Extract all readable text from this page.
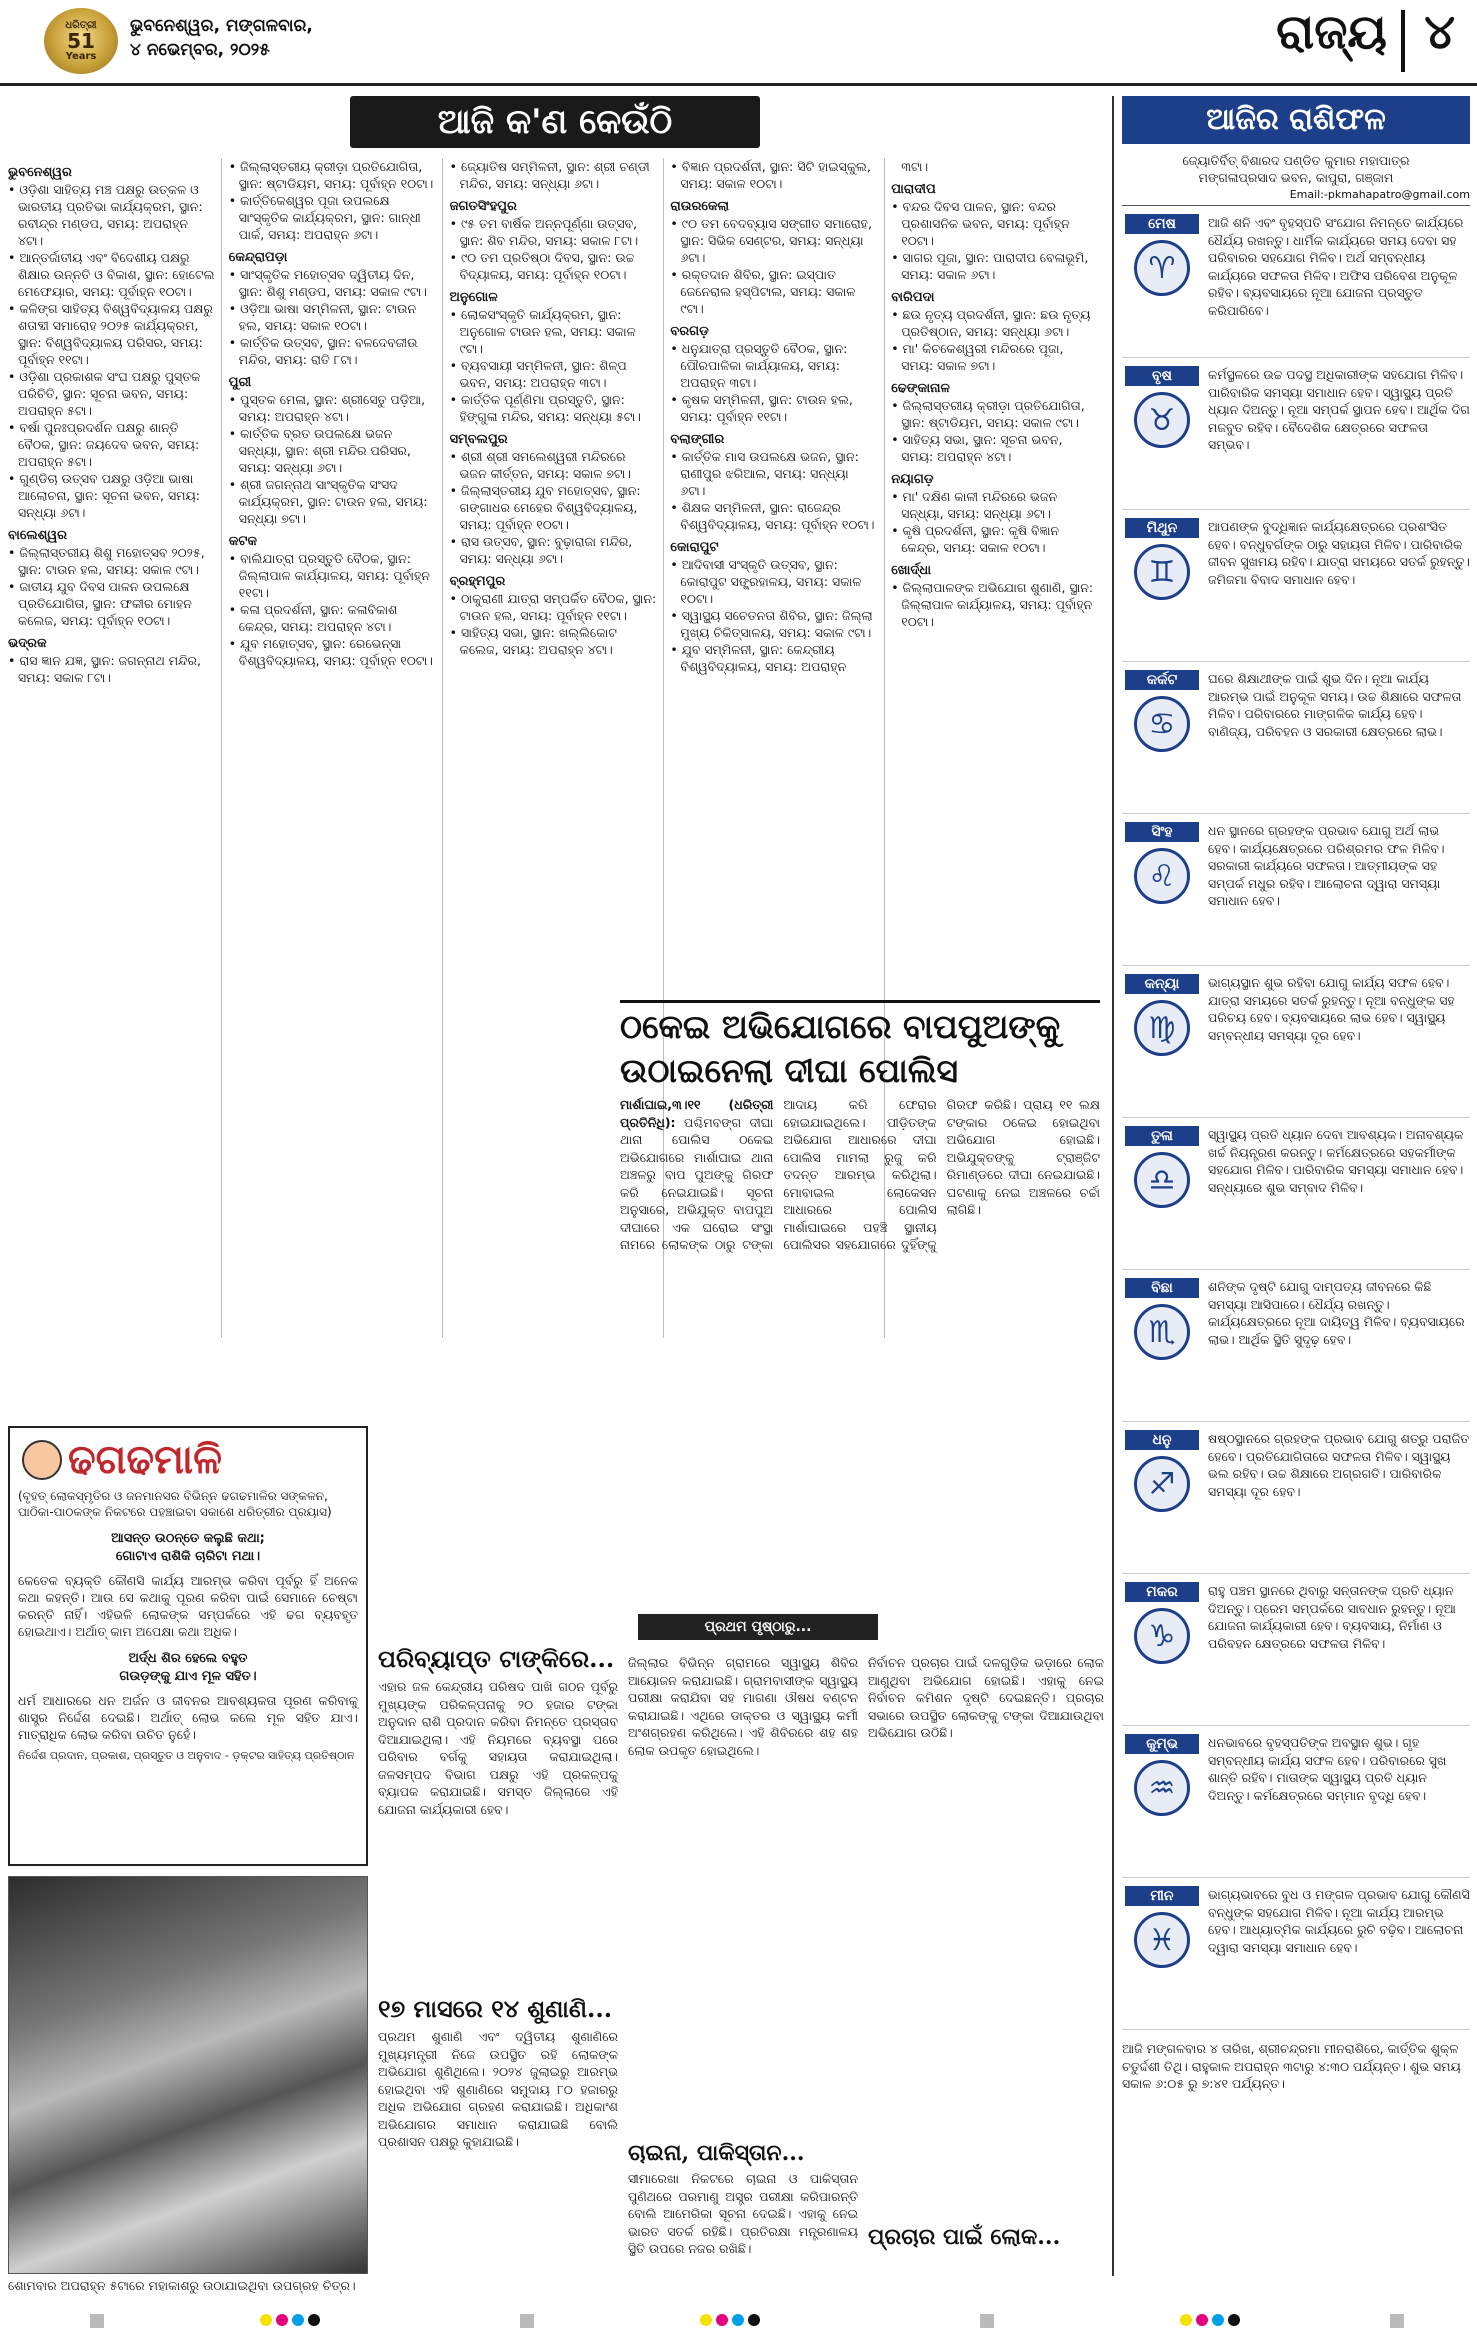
ଧରିତ୍ରୀ
51
Years
ଭୁବନେଶ୍ୱର, ମଙ୍ଗଳବାର,
୪ ନଭେମ୍ବର, ୨୦୨୫	ରାଜ୍ୟ ୪
ଆଜି କ'ଣ କେଉଁଠି
ଭୁବନେଶ୍ୱର
• ଓଡ଼ିଶା ସାହିତ୍ୟ ମଞ୍ଚ ପକ୍ଷରୁ ଉତ୍କଳ ଓ ଭାରତୀୟ ପ୍ରତିଭା କାର୍ଯ୍ୟକ୍ରମ, ସ୍ଥାନ: ରବୀନ୍ଦ୍ର ମଣ୍ଡପ, ସମୟ: ଅପରାହ୍ନ ୪ଟା।
• ଆନ୍ତର୍ଜାତୀୟ ଏବଂ ବିଦେଶୀୟ ପକ୍ଷରୁ ଶିକ୍ଷାର ଉନ୍ନତି ଓ ବିକାଶ, ସ୍ଥାନ: ହୋଟେଲ ମେଫେୟାର, ସମୟ: ପୂର୍ବାହ୍ନ ୧୦ଟା।
• କଳିଙ୍ଗ ସାହିତ୍ୟ ବିଶ୍ୱବିଦ୍ୟାଳୟ ପକ୍ଷରୁ ଶତାବ୍ଦୀ ସମାରୋହ ୨୦୨୫ କାର୍ଯ୍ୟକ୍ରମ, ସ୍ଥାନ: ବିଶ୍ୱବିଦ୍ୟାଳୟ ପରିସର, ସମୟ: ପୂର୍ବାହ୍ନ ୧୧ଟା।
• ଓଡ଼ିଶା ପ୍ରକାଶକ ସଂଘ ପକ୍ଷରୁ ପୁସ୍ତକ ପରିଚିତି, ସ୍ଥାନ: ସୂଚନା ଭବନ, ସମୟ: ଅପରାହ୍ନ ୫ଟା।
• ବର୍ଷା ପୁନଃପ୍ରଦର୍ଶନ ପକ୍ଷରୁ ଶାନ୍ତି ବୈଠକ, ସ୍ଥାନ: ଜୟଦେବ ଭବନ, ସମୟ: ଅପରାହ୍ନ ୫ଟା।
• ଗୁଣ୍ଡିଚା ଉତ୍ସବ ପକ୍ଷରୁ ଓଡ଼ିଆ ଭାଷା ଆଲୋଚନା, ସ୍ଥାନ: ସୂଚନା ଭବନ, ସମୟ: ସନ୍ଧ୍ୟା ୬ଟା।
ବାଲେଶ୍ୱର
• ଜିଲ୍ଲାସ୍ତରୀୟ ଶିଶୁ ମହୋତ୍ସବ ୨୦୨୫, ସ୍ଥାନ: ଟାଉନ ହଲ, ସମୟ: ସକାଳ ୯ଟା।
• ଜାତୀୟ ଯୁବ ଦିବସ ପାଳନ ଉପଲକ୍ଷେ ପ୍ରତିଯୋଗିତା, ସ୍ଥାନ: ଫକୀର ମୋହନ କଲେଜ, ସମୟ: ପୂର୍ବାହ୍ନ ୧୦ଟା।
ଭଦ୍ରକ
• ରାସ ଜ୍ଞାନ ଯଜ୍ଞ, ସ୍ଥାନ: ଜଗନ୍ନାଥ ମନ୍ଦିର, ସମୟ: ସକାଳ ୮ଟା।
• ଜିଲ୍ଲାସ୍ତରୀୟ କ୍ରୀଡ଼ା ପ୍ରତିଯୋଗିତା, ସ୍ଥାନ: ଷ୍ଟାଡିୟମ, ସମୟ: ପୂର୍ବାହ୍ନ ୧୦ଟା।
• କାର୍ତ୍ତିକେଶ୍ୱର ପୂଜା ଉପଲକ୍ଷେ ସାଂସ୍କୃତିକ କାର୍ଯ୍ୟକ୍ରମ, ସ୍ଥାନ: ଗାନ୍ଧୀ ପାର୍କ, ସମୟ: ଅପରାହ୍ନ ୬ଟା।
କେନ୍ଦ୍ରାପଡ଼ା
• ସାଂସ୍କୃତିକ ମହୋତ୍ସବ ଦ୍ୱିତୀୟ ଦିନ, ସ୍ଥାନ: ଶିଶୁ ମଣ୍ଡପ, ସମୟ: ସକାଳ ୯ଟା।
• ଓଡ଼ିଆ ଭାଷା ସମ୍ମିଳନୀ, ସ୍ଥାନ: ଟାଉନ ହଲ, ସମୟ: ସକାଳ ୧୦ଟା।
• କାର୍ତ୍ତିକ ଉତ୍ସବ, ସ୍ଥାନ: ବଳଦେବଜୀଉ ମନ୍ଦିର, ସମୟ: ରାତି ୮ଟା।
ପୁରୀ
• ପୁସ୍ତକ ମେଳା, ସ୍ଥାନ: ଶ୍ରୀସେତୁ ପଡ଼ିଆ, ସମୟ: ଅପରାହ୍ନ ୪ଟା।
• କାର୍ତ୍ତିକ ବ୍ରତ ଉପଲକ୍ଷେ ଭଜନ ସନ୍ଧ୍ୟା, ସ୍ଥାନ: ଶ୍ରୀ ମନ୍ଦିର ପରିସର, ସମୟ: ସନ୍ଧ୍ୟା ୬ଟା।
• ଶ୍ରୀ ଜଗନ୍ନାଥ ସାଂସ୍କୃତିକ ସଂସଦ କାର୍ଯ୍ୟକ୍ରମ, ସ୍ଥାନ: ଟାଉନ ହଲ, ସମୟ: ସନ୍ଧ୍ୟା ୭ଟା।
କଟକ
• ବାଲିଯାତ୍ରା ପ୍ରସ୍ତୁତି ବୈଠକ, ସ୍ଥାନ: ଜିଲ୍ଲାପାଳ କାର୍ଯ୍ୟାଳୟ, ସମୟ: ପୂର୍ବାହ୍ନ ୧୧ଟା।
• କଳା ପ୍ରଦର୍ଶନୀ, ସ୍ଥାନ: କଳାବିକାଶ କେନ୍ଦ୍ର, ସମୟ: ଅପରାହ୍ନ ୪ଟା।
• ଯୁବ ମହୋତ୍ସବ, ସ୍ଥାନ: ରେଭେନ୍ସା ବିଶ୍ୱବିଦ୍ୟାଳୟ, ସମୟ: ପୂର୍ବାହ୍ନ ୧୦ଟା।
• ଜ୍ୟୋତିଷ ସମ୍ମିଳନୀ, ସ୍ଥାନ: ଶ୍ରୀ ଚଣ୍ଡୀ ମନ୍ଦିର, ସମୟ: ସନ୍ଧ୍ୟା ୬ଟା।
ଜଗତସିଂହପୁର
• ୯୫ ତମ ବାର୍ଷିକ ଅନ୍ନପୂର୍ଣ୍ଣା ଉତ୍ସବ, ସ୍ଥାନ: ଶିବ ମନ୍ଦିର, ସମୟ: ସକାଳ ୮ଟା।
• ୯୦ ତମ ପ୍ରତିଷ୍ଠା ଦିବସ, ସ୍ଥାନ: ଉଚ୍ଚ ବିଦ୍ୟାଳୟ, ସମୟ: ପୂର୍ବାହ୍ନ ୧୦ଟା।
ଅନୁଗୋଳ
• ଲୋକସଂସ୍କୃତି କାର୍ଯ୍ୟକ୍ରମ, ସ୍ଥାନ: ଅନୁଗୋଳ ଟାଉନ ହଲ, ସମୟ: ସକାଳ ୯ଟା।
• ବ୍ୟବସାୟୀ ସମ୍ମିଳନୀ, ସ୍ଥାନ: ଶିଳ୍ପ ଭବନ, ସମୟ: ଅପରାହ୍ନ ୩ଟା।
• କାର୍ତ୍ତିକ ପୂର୍ଣ୍ଣିମା ପ୍ରସ୍ତୁତି, ସ୍ଥାନ: ହିଙ୍ଗୁଳା ମନ୍ଦିର, ସମୟ: ସନ୍ଧ୍ୟା ୫ଟା।
ସମ୍ବଲପୁର
• ଶ୍ରୀ ଶ୍ରୀ ସମଲେଶ୍ୱରୀ ମନ୍ଦିରରେ ଭଜନ କୀର୍ତ୍ତନ, ସମୟ: ସକାଳ ୭ଟା।
• ଜିଲ୍ଲାସ୍ତରୀୟ ଯୁବ ମହୋତ୍ସବ, ସ୍ଥାନ: ଗଙ୍ଗାଧର ମେହେର ବିଶ୍ୱବିଦ୍ୟାଳୟ, ସମୟ: ପୂର୍ବାହ୍ନ ୧୦ଟା।
• ରାସ ଉତ୍ସବ, ସ୍ଥାନ: ବୁଢ଼ାରାଜା ମନ୍ଦିର, ସମୟ: ସନ୍ଧ୍ୟା ୬ଟା।
ବ୍ରହ୍ମପୁର
• ଠାକୁରାଣୀ ଯାତ୍ରା ସମ୍ପର୍କିତ ବୈଠକ, ସ୍ଥାନ: ଟାଉନ ହଲ, ସମୟ: ପୂର୍ବାହ୍ନ ୧୧ଟା।
• ସାହିତ୍ୟ ସଭା, ସ୍ଥାନ: ଖଲ୍ଲିକୋଟ କଲେଜ, ସମୟ: ଅପରାହ୍ନ ୪ଟା।
• ବିଜ୍ଞାନ ପ୍ରଦର୍ଶନୀ, ସ୍ଥାନ: ସିଟି ହାଇସ୍କୁଲ, ସମୟ: ସକାଳ ୧୦ଟା।
ରାଉରକେଲା
• ୯୦ ତମ ବେଦବ୍ୟାସ ସଙ୍ଗୀତ ସମାରୋହ, ସ୍ଥାନ: ସିଭିକ ସେଣ୍ଟର, ସମୟ: ସନ୍ଧ୍ୟା ୬ଟା।
• ରକ୍ତଦାନ ଶିବିର, ସ୍ଥାନ: ଇସ୍ପାତ ଜେନେରାଲ ହସ୍ପିଟାଲ, ସମୟ: ସକାଳ ୯ଟା।
ବରଗଡ଼
• ଧନୁଯାତ୍ରା ପ୍ରସ୍ତୁତି ବୈଠକ, ସ୍ଥାନ: ପୌରପାଳିକା କାର୍ଯ୍ୟାଳୟ, ସମୟ: ଅପରାହ୍ନ ୩ଟା।
• କୃଷକ ସମ୍ମିଳନୀ, ସ୍ଥାନ: ଟାଉନ ହଲ, ସମୟ: ପୂର୍ବାହ୍ନ ୧୧ଟା।
ବଲାଙ୍ଗୀର
• କାର୍ତ୍ତିକ ମାସ ଉପଲକ୍ଷେ ଭଜନ, ସ୍ଥାନ: ରାଣୀପୁର ଝରିଆଲ, ସମୟ: ସନ୍ଧ୍ୟା ୬ଟା।
• ଶିକ୍ଷକ ସମ୍ମିଳନୀ, ସ୍ଥାନ: ରାଜେନ୍ଦ୍ର ବିଶ୍ୱବିଦ୍ୟାଳୟ, ସମୟ: ପୂର୍ବାହ୍ନ ୧୦ଟା।
କୋରାପୁଟ
• ଆଦିବାସୀ ସଂସ୍କୃତି ଉତ୍ସବ, ସ୍ଥାନ: କୋରାପୁଟ ସଙ୍ଗ୍ରହାଳୟ, ସମୟ: ସକାଳ ୧୦ଟା।
• ସ୍ୱାସ୍ଥ୍ୟ ସଚେତନତା ଶିବିର, ସ୍ଥାନ: ଜିଲ୍ଲା ମୁଖ୍ୟ ଚିକିତ୍ସାଳୟ, ସମୟ: ସକାଳ ୯ଟା।
• ଯୁବ ସମ୍ମିଳନୀ, ସ୍ଥାନ: କେନ୍ଦ୍ରୀୟ ବିଶ୍ୱବିଦ୍ୟାଳୟ, ସମୟ: ଅପରାହ୍ନ ୩ଟା।
ପାରାଦୀପ
• ବନ୍ଦର ଦିବସ ପାଳନ, ସ୍ଥାନ: ବନ୍ଦର ପ୍ରଶାସନିକ ଭବନ, ସମୟ: ପୂର୍ବାହ୍ନ ୧୦ଟା।
• ସାଗର ପୂଜା, ସ୍ଥାନ: ପାରାଦୀପ ବେଳାଭୂମି, ସମୟ: ସକାଳ ୬ଟା।
ବାରିପଦା
• ଛଉ ନୃତ୍ୟ ପ୍ରଦର୍ଶନୀ, ସ୍ଥାନ: ଛଉ ନୃତ୍ୟ ପ୍ରତିଷ୍ଠାନ, ସମୟ: ସନ୍ଧ୍ୟା ୬ଟା।
• ମା' କିଚକେଶ୍ୱରୀ ମନ୍ଦିରରେ ପୂଜା, ସମୟ: ସକାଳ ୭ଟା।
ଢେଙ୍କାନାଳ
• ଜିଲ୍ଲାସ୍ତରୀୟ କ୍ରୀଡ଼ା ପ୍ରତିଯୋଗିତା, ସ୍ଥାନ: ଷ୍ଟାଡିୟମ, ସମୟ: ସକାଳ ୯ଟା।
• ସାହିତ୍ୟ ସଭା, ସ୍ଥାନ: ସୂଚନା ଭବନ, ସମୟ: ଅପରାହ୍ନ ୪ଟା।
ନୟାଗଡ଼
• ମା' ଦକ୍ଷିଣ କାଳୀ ମନ୍ଦିରରେ ଭଜନ ସନ୍ଧ୍ୟା, ସମୟ: ସନ୍ଧ୍ୟା ୬ଟା।
• କୃଷି ପ୍ରଦର୍ଶନୀ, ସ୍ଥାନ: କୃଷି ବିଜ୍ଞାନ କେନ୍ଦ୍ର, ସମୟ: ସକାଳ ୧୦ଟା।
ଖୋର୍ଦ୍ଧା
• ଜିଲ୍ଲାପାଳଙ୍କ ଅଭିଯୋଗ ଶୁଣାଣି, ସ୍ଥାନ: ଜିଲ୍ଲାପାଳ କାର୍ଯ୍ୟାଳୟ, ସମୟ: ପୂର୍ବାହ୍ନ ୧୦ଟା।
ଠକେଇ ଅଭିଯୋଗରେ ବାପପୁଅଙ୍କୁ ଉଠାଇନେଲା ଦୀଘା ପୋଲିସ
ମାର୍ଶାଘାଇ,୩।୧୧ (ଧରିତ୍ରୀ ପ୍ରତିନିଧି): ପଶ୍ଚିମବଙ୍ଗ ଦୀଘା ଥାନା ପୋଲିସ ଠକେଇ ଅଭିଯୋଗରେ ମାର୍ଶାଘାଇ ଥାନା ଅଞ୍ଚଳରୁ ବାପ ପୁଅଙ୍କୁ ଗିରଫ କରି ନେଇଯାଇଛି। ସୂଚନା ଅନୁସାରେ, ଅଭିଯୁକ୍ତ ବାପପୁଅ ଦୀଘାରେ ଏକ ଘରୋଇ ସଂସ୍ଥା ନାମରେ ଲୋକଙ୍କ ଠାରୁ ଟଙ୍କା ଆଦାୟ କରି ଫେରାର ହୋଇଯାଇଥିଲେ। ପୀଡ଼ିତଙ୍କ ଅଭିଯୋଗ ଆଧାରରେ ଦୀଘା ପୋଲିସ ମାମଲା ରୁଜୁ କରି ତଦନ୍ତ ଆରମ୍ଭ କରିଥିଲା। ମୋବାଇଲ ଲୋକେସନ ଆଧାରରେ ପୋଲିସ ମାର୍ଶାଘାଇରେ ପହଞ୍ଚି ସ୍ଥାନୀୟ ପୋଲିସର ସହଯୋଗରେ ଦୁହିଁଙ୍କୁ ଗିରଫ କରିଛି। ପ୍ରାୟ ୧୧ ଲକ୍ଷ ଟଙ୍କାର ଠକେଇ ହୋଇଥିବା ଅଭିଯୋଗ ହୋଇଛି। ଅଭିଯୁକ୍ତଙ୍କୁ ଟ୍ରାଞ୍ଜିଟ ରିମାଣ୍ଡରେ ଦୀଘା ନେଇଯାଇଛି। ଘଟଣାକୁ ନେଇ ଅଞ୍ଚଳରେ ଚର୍ଚ୍ଚା ଲାଗିଛି।
ଢଗଢମାଳି
(ବୃହତ୍ ଲୋକସ୍ମୃତିର ଓ ଜନମାନସର ବିଭିନ୍ନ ଢଗଢମାଳିର ସଙ୍କଳନ, ପାଠିକା-ପାଠକଙ୍କ ନିକଟରେ ପହଞ୍ଚାଇବା ସକାଶେ ଧରିତ୍ରୀର ପ୍ରୟାସ)
ଆସନ୍ତ ଉଠନ୍ତେ କଲୁଛି କଥା;
ଗୋଟାଏ ରାଶିକି ଚାରିଟା ମଥା।
କେତେକ ବ୍ୟକ୍ତି କୌଣସି କାର୍ଯ୍ୟ ଆରମ୍ଭ କରିବା ପୂର୍ବରୁ ହିଁ ଅନେକ କଥା କହନ୍ତି। ଆଉ ସେ କଥାକୁ ପୂରଣ କରିବା ପାଇଁ ସେମାନେ ଚେଷ୍ଟା କରନ୍ତି ନାହିଁ। ଏହିଭଳି ଲୋକଙ୍କ ସମ୍ପର୍କରେ ଏହି ଢଗ ବ୍ୟବହୃତ ହୋଇଥାଏ। ଅର୍ଥାତ୍ କାମ ଅପେକ୍ଷା କଥା ଅଧିକ।
ଅର୍ଦ୍ଧ ଶିର ହେଲେ ବହୁତ
ଗଉଡ଼ଙ୍କୁ ଯାଏ ମୂଳ ସହିତ।
ଧର୍ମ ଆଧାରରେ ଧନ ଅର୍ଜନ ଓ ଜୀବନର ଆବଶ୍ୟକତା ପୂରଣ କରିବାକୁ ଶାସ୍ତ୍ର ନିର୍ଦ୍ଦେଶ ଦେଇଛି। ଅର୍ଥାତ୍ ଲୋଭ କଲେ ମୂଳ ସହିତ ଯାଏ। ମାତ୍ରାଧିକ ଲୋଭ କରିବା ଉଚିତ ନୁହେଁ।
ନିର୍ଦ୍ଦେଶ ପ୍ରଦାନ, ପ୍ରକାଶ, ପ୍ରସ୍ତୁତ ଓ ଅନୁବାଦ - ଡ଼କ୍ଟର ସାହିତ୍ୟ ପ୍ରତିଷ୍ଠାନ
ଶୋମବାର ଅପରାହ୍ନ ୫ଟାରେ ମହାକାଶରୁ ଉଠାଯାଇଥିବା ଉପଗ୍ରହ ଚିତ୍ର।
ପ୍ରଥମ ପୃଷ୍ଠାରୁ...
ପରିବ୍ୟାପ୍ତ ଟାଙ୍କିରେ...
ଏହାର ଜଳ କେନ୍ଦ୍ରୀୟ ପରିଷଦ ପାଖି ଗଠନ ପୂର୍ବରୁ ମୁଖ୍ୟଙ୍କ ପରିକଳ୍ପନାକୁ ୨୦ ହଜାର ଟଙ୍କା ଅନୁଦାନ ରାଶି ପ୍ରଦାନ କରିବା ନିମନ୍ତେ ପ୍ରସ୍ତାବ ଦିଆଯାଇଥିଲା। ଏହି ନିୟମରେ ବ୍ୟବସ୍ଥା ପରେ ପରିବାର ବର୍ଗକୁ ସହାୟତା କରାଯାଇଥିଲା। ଜଳସମ୍ପଦ ବିଭାଗ ପକ୍ଷରୁ ଏହି ପ୍ରକଳ୍ପକୁ ବ୍ୟାପକ କରାଯାଇଛି। ସମସ୍ତ ଜିଲ୍ଲାରେ ଏହି ଯୋଜନା କାର୍ଯ୍ୟକାରୀ ହେବ।
୧୭ ମାସରେ ୧୪ ଶୁଣାଣି...
ପ୍ରଥମ ଶୁଣାଣି ଏବଂ ଦ୍ୱିତୀୟ ଶୁଣାଣିରେ ମୁଖ୍ୟମନ୍ତ୍ରୀ ନିଜେ ଉପସ୍ଥିତ ରହି ଲୋକଙ୍କ ଅଭିଯୋଗ ଶୁଣିଥିଲେ। ୨୦୨୪ ଜୁଲାଇରୁ ଆରମ୍ଭ ହୋଇଥିବା ଏହି ଶୁଣାଣିରେ ସମୁଦାୟ ୮୦ ହଜାରରୁ ଅଧିକ ଅଭିଯୋଗ ଗ୍ରହଣ କରାଯାଇଛି। ଅଧିକାଂଶ ଅଭିଯୋଗର ସମାଧାନ କରାଯାଇଛି ବୋଲି ପ୍ରଶାସନ ପକ୍ଷରୁ କୁହାଯାଇଛି।
ଜିଲ୍ଲାର ବିଭିନ୍ନ ଗ୍ରାମରେ ସ୍ୱାସ୍ଥ୍ୟ ଶିବିର ଆୟୋଜନ କରାଯାଇଛି। ଗ୍ରାମବାସୀଙ୍କ ସ୍ୱାସ୍ଥ୍ୟ ପରୀକ୍ଷା କରାଯିବା ସହ ମାଗଣା ଔଷଧ ବଣ୍ଟନ କରାଯାଇଛି। ଏଥିରେ ଡାକ୍ତର ଓ ସ୍ୱାସ୍ଥ୍ୟ କର୍ମୀ ଅଂଶଗ୍ରହଣ କରିଥିଲେ। ଏହି ଶିବିରରେ ଶହ ଶହ ଲୋକ ଉପକୃତ ହୋଇଥିଲେ।
ଚାଇନା, ପାକିସ୍ତାନ...
ସୀମାରେଖା ନିକଟରେ ଚାଇନା ଓ ପାକିସ୍ତାନ ପୁଣିଥରେ ପରମାଣୁ ଅସ୍ତ୍ର ପରୀକ୍ଷା କରିପାରନ୍ତି ବୋଲି ଆମେରିକା ସୂଚନା ଦେଇଛି। ଏହାକୁ ନେଇ ଭାରତ ସତର୍କ ରହିଛି। ପ୍ରତିରକ୍ଷା ମନ୍ତ୍ରଣାଳୟ ସ୍ଥିତି ଉପରେ ନଜର ରଖିଛି।
ନିର୍ବାଚନ ପ୍ରଚାର ପାଇଁ ଦଳଗୁଡ଼ିକ ଭଡ଼ାରେ ଲୋକ ଆଣୁଥିବା ଅଭିଯୋଗ ହୋଇଛି। ଏହାକୁ ନେଇ ନିର୍ବାଚନ କମିଶନ ଦୃଷ୍ଟି ଦେଇଛନ୍ତି। ପ୍ରଚାର ସଭାରେ ଉପସ୍ଥିତ ଲୋକଙ୍କୁ ଟଙ୍କା ଦିଆଯାଉଥିବା ଅଭିଯୋଗ ଉଠିଛି।
ପ୍ରଚାର ପାଇଁ ଲୋକ...
ଆଜିର ରାଶିଫଳ
ଜ୍ୟୋତିର୍ବିତ୍ ବିଶାରଦ ପଣ୍ଡିତ କୁମାର ମହାପାତ୍ର
ମଙ୍ଗଳାପ୍ରସାଦ ଭବନ, କାପୁରା, ଗଞ୍ଜାମ
Email:-pkmahapatro@gmail.com
ମେଷ
♈
ଆଜି ଶନି ଏବଂ ବୃହସ୍ପତି ସଂଯୋଗ ନିମନ୍ତେ କାର୍ଯ୍ୟରେ ଧୈର୍ଯ୍ୟ ରଖନ୍ତୁ। ଧାର୍ମିକ କାର୍ଯ୍ୟରେ ସମୟ ଦେବା ସହ ପରିବାରର ସହଯୋଗ ମିଳିବ। ଅର୍ଥ ସମ୍ବନ୍ଧୀୟ କାର୍ଯ୍ୟରେ ସଫଳତା ମିଳିବ। ଅଫିସ ପରିବେଶ ଅନୁକୂଳ ରହିବ। ବ୍ୟବସାୟରେ ନୂଆ ଯୋଜନା ପ୍ରସ୍ତୁତ କରିପାରିବେ।
ବୃଷ
♉
କର୍ମସ୍ଥଳରେ ଉଚ୍ଚ ପଦସ୍ଥ ଅଧିକାରୀଙ୍କ ସହଯୋଗ ମିଳିବ। ପାରିବାରିକ ସମସ୍ୟା ସମାଧାନ ହେବ। ସ୍ୱାସ୍ଥ୍ୟ ପ୍ରତି ଧ୍ୟାନ ଦିଅନ୍ତୁ। ନୂଆ ସମ୍ପର୍କ ସ୍ଥାପନ ହେବ। ଆର୍ଥିକ ଦିଗ ମଜବୁତ ରହିବ। ବୈଦେଶିକ କ୍ଷେତ୍ରରେ ସଫଳତା ସମ୍ଭବ।
ମିଥୁନ
♊
ଆପଣଙ୍କ ବୁଦ୍ଧିଜ୍ଞାନ କାର୍ଯ୍ୟକ୍ଷେତ୍ରରେ ପ୍ରଶଂସିତ ହେବ। ବନ୍ଧୁବର୍ଗଙ୍କ ଠାରୁ ସହାୟତା ମିଳିବ। ପାରିବାରିକ ଜୀବନ ସୁଖମୟ ରହିବ। ଯାତ୍ରା ସମୟରେ ସତର୍କ ରୁହନ୍ତୁ। ଜମିଜମା ବିବାଦ ସମାଧାନ ହେବ।
କର୍କଟ
♋
ଘରେ ଶିକ୍ଷାଥୀଙ୍କ ପାଇଁ ଶୁଭ ଦିନ। ନୂଆ କାର୍ଯ୍ୟ ଆରମ୍ଭ ପାଇଁ ଅନୁକୂଳ ସମୟ। ଉଚ୍ଚ ଶିକ୍ଷାରେ ସଫଳତା ମିଳିବ। ପରିବାରରେ ମାଙ୍ଗଳିକ କାର୍ଯ୍ୟ ହେବ। ବାଣିଜ୍ୟ, ପରିବହନ ଓ ସରକାରୀ କ୍ଷେତ୍ରରେ ଲାଭ।
ସିଂହ
♌
ଧନ ସ୍ଥାନରେ ଗ୍ରହଙ୍କ ପ୍ରଭାବ ଯୋଗୁ ଅର୍ଥ ଲାଭ ହେବ। କାର୍ଯ୍ୟକ୍ଷେତ୍ରରେ ପରିଶ୍ରମର ଫଳ ମିଳିବ। ସରକାରୀ କାର୍ଯ୍ୟରେ ସଫଳତା। ଆତ୍ମୀୟଙ୍କ ସହ ସମ୍ପର୍କ ମଧୁର ରହିବ। ଆଲୋଚନା ଦ୍ୱାରା ସମସ୍ୟା ସମାଧାନ ହେବ।
କନ୍ୟା
♍
ଭାଗ୍ୟସ୍ଥାନ ଶୁଭ ରହିବା ଯୋଗୁ କାର୍ଯ୍ୟ ସଫଳ ହେବ। ଯାତ୍ରା ସମୟରେ ସତର୍କ ରୁହନ୍ତୁ। ନୂଆ ବନ୍ଧୁଙ୍କ ସହ ପରିଚୟ ହେବ। ବ୍ୟବସାୟରେ ଲାଭ ହେବ। ସ୍ୱାସ୍ଥ୍ୟ ସମ୍ବନ୍ଧୀୟ ସମସ୍ୟା ଦୂର ହେବ।
ତୁଳା
♎
ସ୍ୱାସ୍ଥ୍ୟ ପ୍ରତି ଧ୍ୟାନ ଦେବା ଆବଶ୍ୟକ। ଅନାବଶ୍ୟକ ଖର୍ଚ୍ଚ ନିୟନ୍ତ୍ରଣ କରନ୍ତୁ। କର୍ମକ୍ଷେତ୍ରରେ ସହକର୍ମୀଙ୍କ ସହଯୋଗ ମିଳିବ। ପାରିବାରିକ ସମସ୍ୟା ସମାଧାନ ହେବ। ସନ୍ଧ୍ୟାରେ ଶୁଭ ସମ୍ବାଦ ମିଳିବ।
ବିଛା
♏
ଶନିଙ୍କ ଦୃଷ୍ଟି ଯୋଗୁ ଦାମ୍ପତ୍ୟ ଜୀବନରେ କିଛି ସମସ୍ୟା ଆସିପାରେ। ଧୈର୍ଯ୍ୟ ରଖନ୍ତୁ। କାର୍ଯ୍ୟକ୍ଷେତ୍ରରେ ନୂଆ ଦାୟିତ୍ୱ ମିଳିବ। ବ୍ୟବସାୟରେ ଲାଭ। ଆର୍ଥିକ ସ୍ଥିତି ସୁଦୃଢ଼ ହେବ।
ଧନୁ
♐
ଷଷ୍ଠସ୍ଥାନରେ ଗ୍ରହଙ୍କ ପ୍ରଭାବ ଯୋଗୁ ଶତ୍ରୁ ପରାଜିତ ହେବେ। ପ୍ରତିଯୋଗିତାରେ ସଫଳତା ମିଳିବ। ସ୍ୱାସ୍ଥ୍ୟ ଭଲ ରହିବ। ଉଚ୍ଚ ଶିକ୍ଷାରେ ଅଗ୍ରଗତି। ପାରିବାରିକ ସମସ୍ୟା ଦୂର ହେବ।
ମକର
♑
ରାହୁ ପଞ୍ଚମ ସ୍ଥାନରେ ଥିବାରୁ ସନ୍ତାନଙ୍କ ପ୍ରତି ଧ୍ୟାନ ଦିଅନ୍ତୁ। ପ୍ରେମ ସମ୍ପର୍କରେ ସାବଧାନ ରୁହନ୍ତୁ। ନୂଆ ଯୋଜନା କାର୍ଯ୍ୟକାରୀ ହେବ। ବ୍ୟବସାୟ, ନିର୍ମାଣ ଓ ପରିବହନ କ୍ଷେତ୍ରରେ ସଫଳତା ମିଳିବ।
କୁମ୍ଭ
♒
ଧନଭାବରେ ବୃହସ୍ପତିଙ୍କ ଅବସ୍ଥାନ ଶୁଭ। ଗୃହ ସମ୍ବନ୍ଧୀୟ କାର୍ଯ୍ୟ ସଫଳ ହେବ। ପରିବାରରେ ସୁଖ ଶାନ୍ତି ରହିବ। ମାତାଙ୍କ ସ୍ୱାସ୍ଥ୍ୟ ପ୍ରତି ଧ୍ୟାନ ଦିଅନ୍ତୁ। କର୍ମକ୍ଷେତ୍ରରେ ସମ୍ମାନ ବୃଦ୍ଧି ହେବ।
ମୀନ
♓
ଭାଗ୍ୟଭାବରେ ବୁଧ ଓ ମଙ୍ଗଳ ପ୍ରଭାବ ଯୋଗୁ କୌଣସି ବନ୍ଧୁଙ୍କ ସହଯୋଗ ମିଳିବ। ନୂଆ କାର୍ଯ୍ୟ ଆରମ୍ଭ ହେବ। ଆଧ୍ୟାତ୍ମିକ କାର୍ଯ୍ୟରେ ରୁଚି ବଢ଼ିବ। ଆଲୋଚନା ଦ୍ୱାରା ସମସ୍ୟା ସମାଧାନ ହେବ।
ଆଜି ମଙ୍ଗଳବାର ୪ ତାରିଖ, ଶ୍ରୀଚନ୍ଦ୍ରମା ମୀନରାଶିରେ, କାର୍ତ୍ତିକ ଶୁକ୍ଳ ଚତୁର୍ଦ୍ଦଶୀ ତିଥି। ରାହୁକାଳ ଅପରାହ୍ନ ୩ଟାରୁ ୪:୩୦ ପର୍ଯ୍ୟନ୍ତ। ଶୁଭ ସମୟ ସକାଳ ୬:୦୫ ରୁ ୭:୪୧ ପର୍ଯ୍ୟନ୍ତ।
